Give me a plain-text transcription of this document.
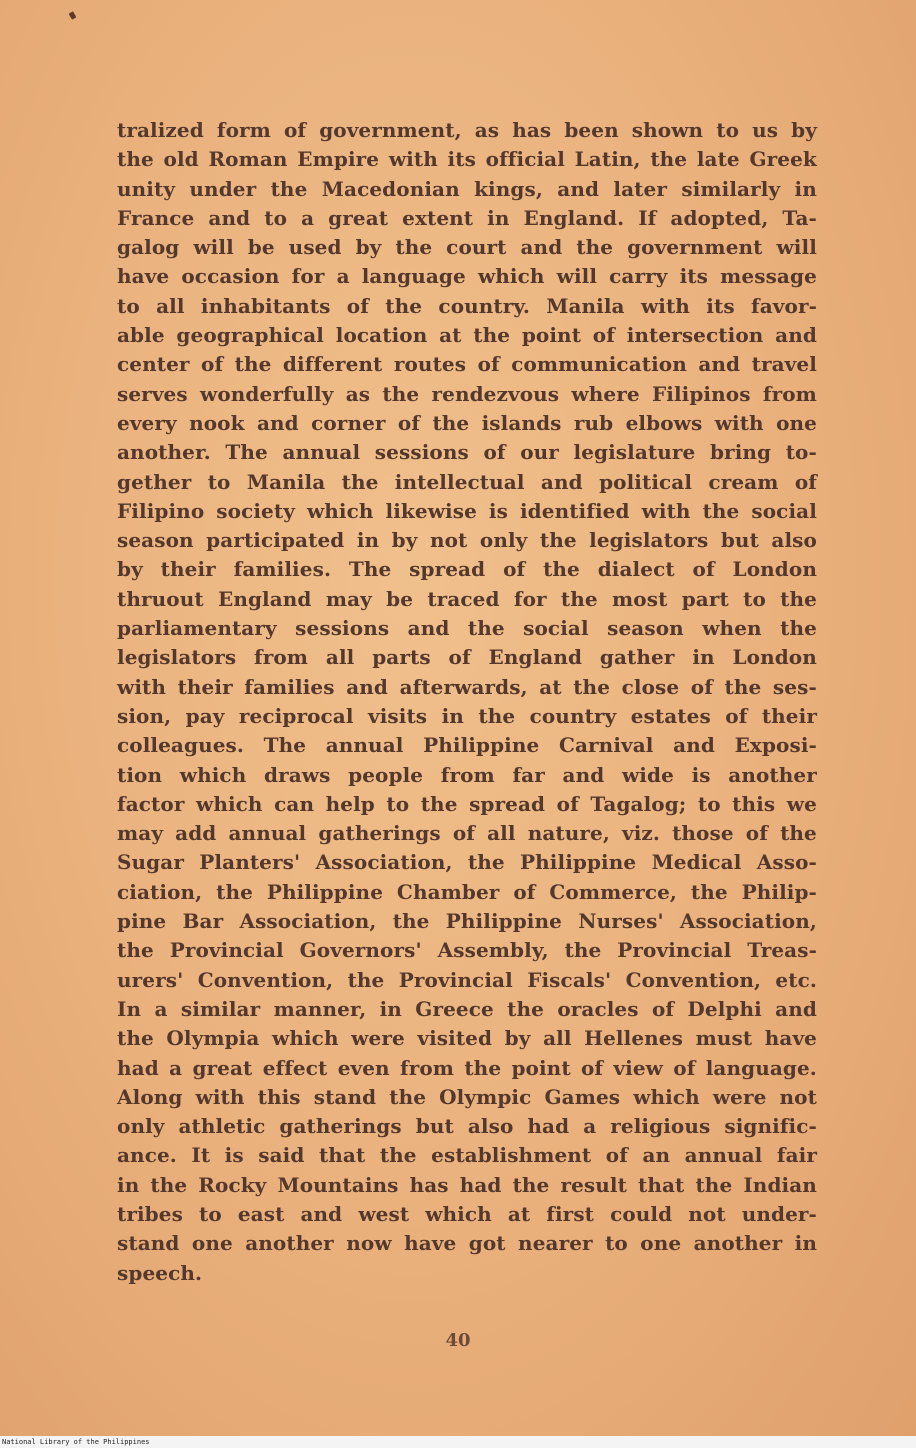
tralized form of government, as has been shown to us by
the old Roman Empire with its official Latin, the late Greek
unity under the Macedonian kings, and later similarly in
France and to a great extent in England. If adopted, Ta-
galog will be used by the court and the government will
have occasion for a language which will carry its message
to all inhabitants of the country. Manila with its favor-
able geographical location at the point of intersection and
center of the different routes of communication and travel
serves wonderfully as the rendezvous where Filipinos from
every nook and corner of the islands rub elbows with one
another. The annual sessions of our legislature bring to-
gether to Manila the intellectual and political cream of
Filipino society which likewise is identified with the social
season participated in by not only the legislators but also
by their families. The spread of the dialect of London
thruout England may be traced for the most part to the
parliamentary sessions and the social season when the
legislators from all parts of England gather in London
with their families and afterwards, at the close of the ses-
sion, pay reciprocal visits in the country estates of their
colleagues. The annual Philippine Carnival and Exposi-
tion which draws people from far and wide is another
factor which can help to the spread of Tagalog; to this we
may add annual gatherings of all nature, viz. those of the
Sugar Planters' Association, the Philippine Medical Asso-
ciation, the Philippine Chamber of Commerce, the Philip-
pine Bar Association, the Philippine Nurses' Association,
the Provincial Governors' Assembly, the Provincial Treas-
urers' Convention, the Provincial Fiscals' Convention, etc.
In a similar manner, in Greece the oracles of Delphi and
the Olympia which were visited by all Hellenes must have
had a great effect even from the point of view of language.
Along with this stand the Olympic Games which were not
only athletic gatherings but also had a religious signific-
ance. It is said that the establishment of an annual fair
in the Rocky Mountains has had the result that the Indian
tribes to east and west which at first could not under-
stand one another now have got nearer to one another in
speech.
40
National Library of the Philippines
